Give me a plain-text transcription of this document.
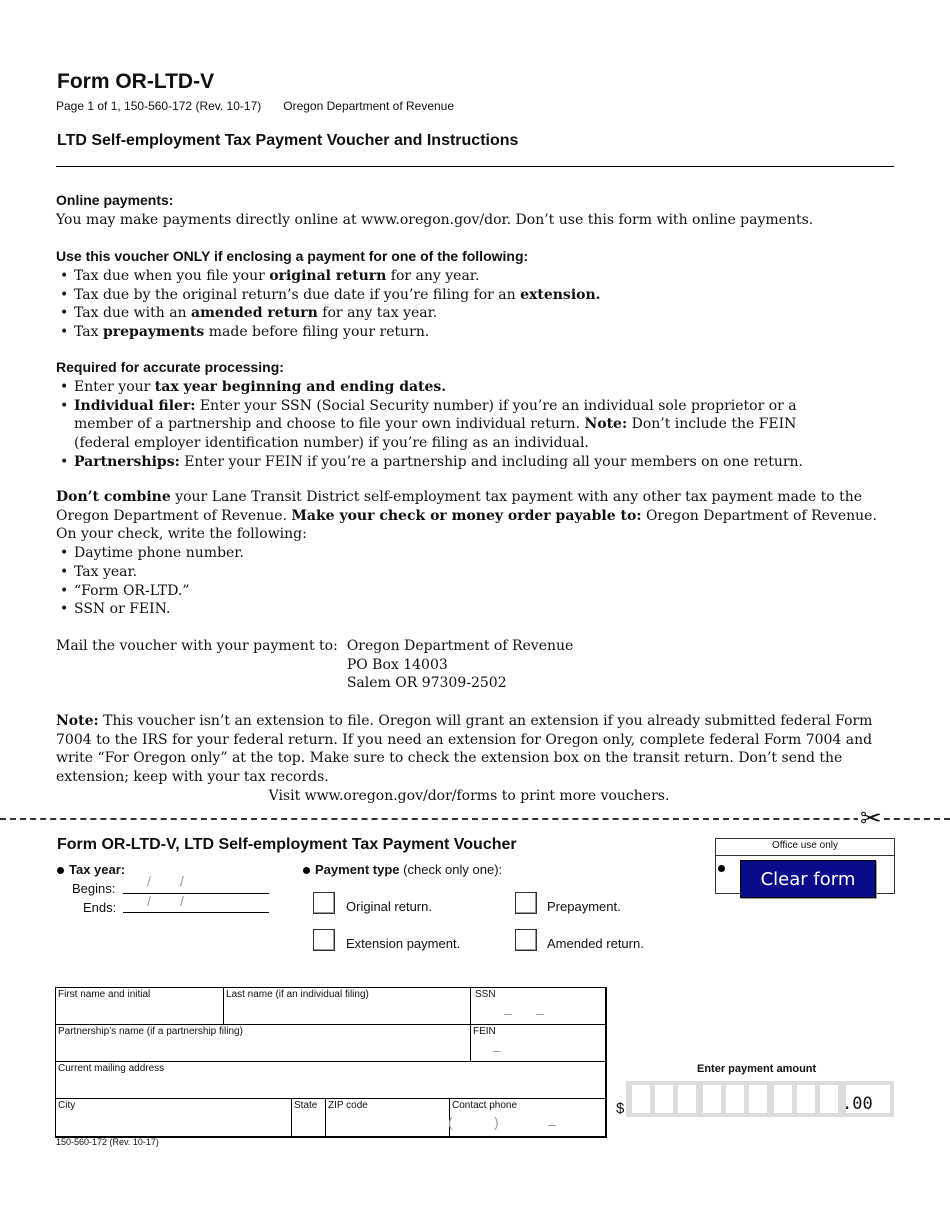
Form OR-LTD-V
Page 1 of 1, 150-560-172 (Rev. 10-17) Oregon Department of Revenue
LTD Self-employment Tax Payment Voucher and Instructions
Online payments:

You may make payments directly online at www.oregon.gov/dor. Don’t use this form with online payments.

Use this voucher ONLY if enclosing a payment for one of the following:
• Tax due when you file your original return for any year.
• Tax due by the original return’s due date if you’re filing for an extension.
• Tax due with an amended return for any tax year.
• Tax prepayments made before filing your return.
Required for accurate processing:
• Enter your tax year beginning and ending dates.
• Individual filer: Enter your SSN (Social Security number) if you’re an individual sole proprietor or a member of a partnership and choose to file your own individual return. Note: Don’t include the FEIN (federal employer identification number) if you’re filing as an individual.
• Partnerships: Enter your FEIN if you’re a partnership and including all your members on one return.

Don’t combine your Lane Transit District self-employment tax payment with any other tax payment made to the Oregon Department of Revenue. Make your check or money order payable to: Oregon Department of Revenue. On your check, write the following:

• Daytime phone number.
• Tax year.
• “Form OR-LTD.”
• SSN or FEIN.
Mail the voucher with your payment to:	Oregon Department of Revenue
PO Box 14003
Salem OR 97309-2502

Note: This voucher isn’t an extension to file. Oregon will grant an extension if you already submitted federal Form 7004 to the IRS for your federal return. If you need an extension for Oregon only, complete federal Form 7004 and write “For Oregon only” at the top. Make sure to check the extension box on the transit return. Don’t send the extension; keep with your tax records.

Visit www.oregon.gov/dor/forms to print more vouchers.

✂
Form OR-LTD-V, LTD Self-employment Tax Payment Voucher
Tax year:
Begins:
Ends:
/ /
/ /
Payment type (check only one):
Original return.	Prepayment.
Extension payment.	Amended return.
Office use only
Clear form
First name and initial	Last name (if an individual filing)	SSN
Partnership’s name (if a partnership filing)	FEIN
Current mailing address
City	State	ZIP code	Contact phone
– –
–
(	)	–
150-560-172 (Rev. 10-17)
Enter payment amount
$	.00
